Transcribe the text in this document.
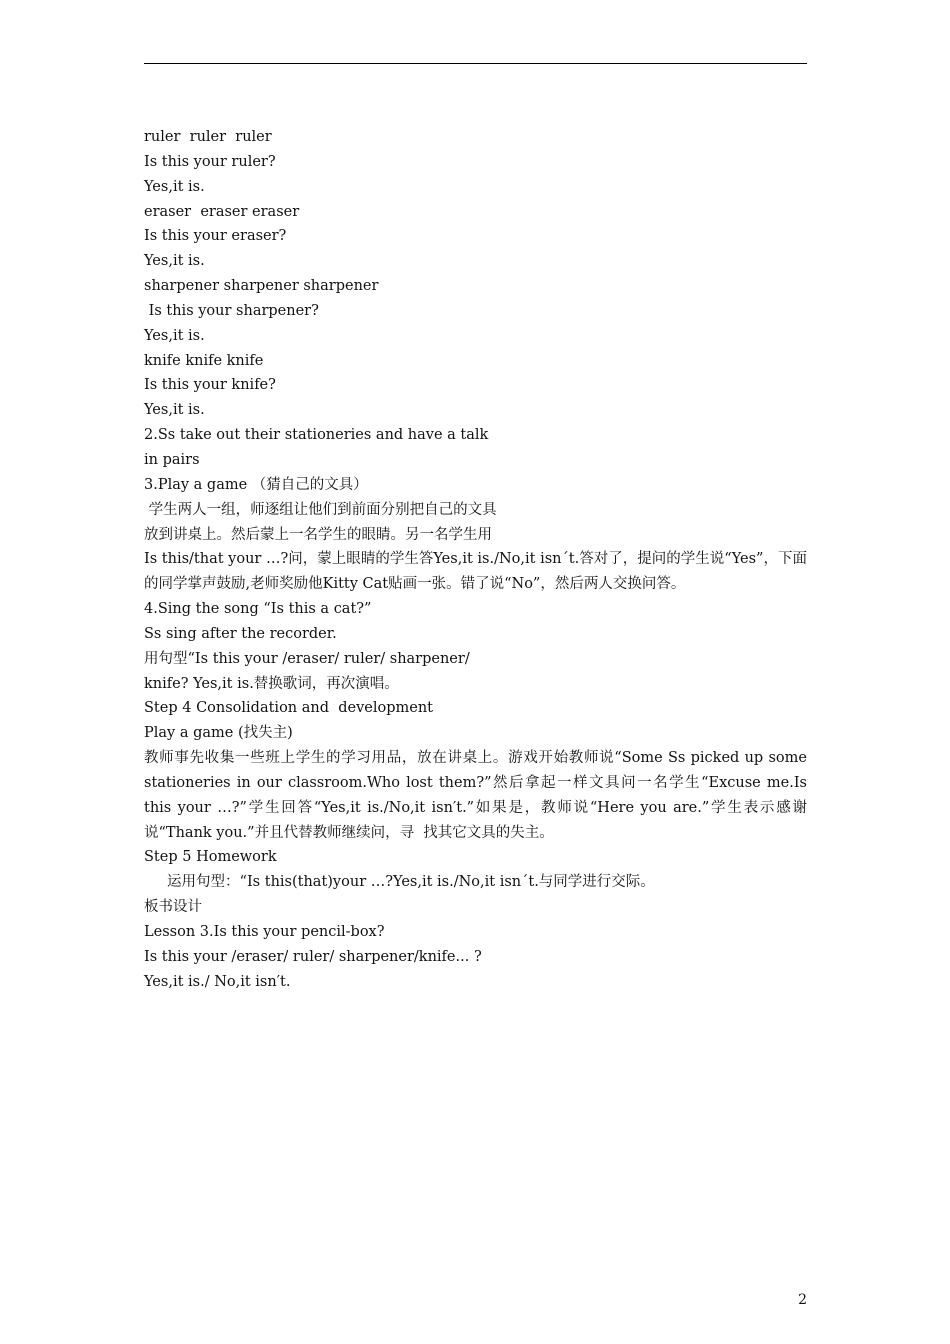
ruler  ruler  ruler
Is this your ruler?
Yes,it is.
eraser  eraser eraser
Is this your eraser?
Yes,it is.
sharpener sharpener sharpener
Is this your sharpener?
Yes,it is.
knife knife knife
Is this your knife?
Yes,it is.
2.Ss take out their stationeries and have a talk
in pairs
3.Play a game （猜自己的文具）
学生两人一组，师逐组让他们到前面分别把自己的文具
放到讲桌上。然后蒙上一名学生的眼睛。另一名学生用
Is this/that your …?问，蒙上眼睛的学生答Yes,it is./No,it isn´t.答对了，提问的学生说“Yes”，下面的同学掌声鼓励,老师奖励他Kitty Cat贴画一张。错了说“No”，然后两人交换问答。
4.Sing the song “Is this a cat?”
Ss sing after the recorder.
用句型“Is this your /eraser/ ruler/ sharpener/
knife? Yes,it is.替换歌词，再次演唱。
Step 4 Consolidation and  development
Play a game (找失主)
教师事先收集一些班上学生的学习用品，放在讲桌上。游戏开始教师说“Some Ss picked up some stationeries in our classroom.Who lost them?”然后拿起一样文具问一名学生“Excuse me.Is this your …?”学生回答“Yes,it is./No,it isn′t.”如果是，教师说“Here you are.”学生表示感谢说“Thank you.”并且代替教师继续问，寻  找其它文具的失主。
Step 5 Homework
运用句型：“Is this(that)your …?Yes,it is./No,it isn´t.与同学进行交际。
板书设计
Lesson 3.Is this your pencil-box?
Is this your /eraser/ ruler/ sharpener/knife... ?
Yes,it is./ No,it isn′t.
2
